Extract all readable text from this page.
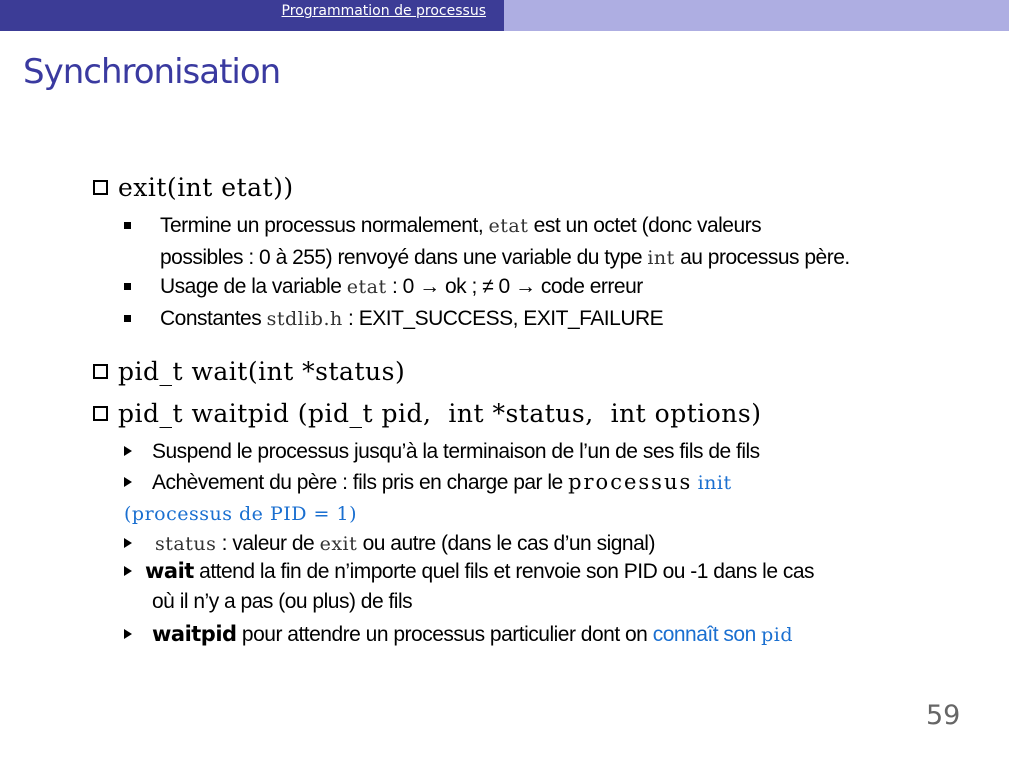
Programmation de processus
Synchronisation
exit(int etat))
Termine un processus normalement, etat est un octet (donc valeurs
possibles : 0 à 255) renvoyé dans une variable du type int au processus père.
Usage de la variable etat : 0 → ok ; ≠ 0 → code erreur
Constantes stdlib.h : EXIT_SUCCESS, EXIT_FAILURE
pid_t wait(int *status)
pid_t waitpid (pid_t pid,  int *status,  int options)
Suspend le processus jusqu’à la terminaison de l’un de ses fils de fils
Achèvement du père : fils pris en charge par le processus init
(processus de PID = 1)
status : valeur de exit ou autre (dans le cas d’un signal)
wait attend la fin de n’importe quel fils et renvoie son PID ou -1 dans le cas
où il n’y a pas (ou plus) de fils
waitpid pour attendre un processus particulier dont on connaît son pid
59
